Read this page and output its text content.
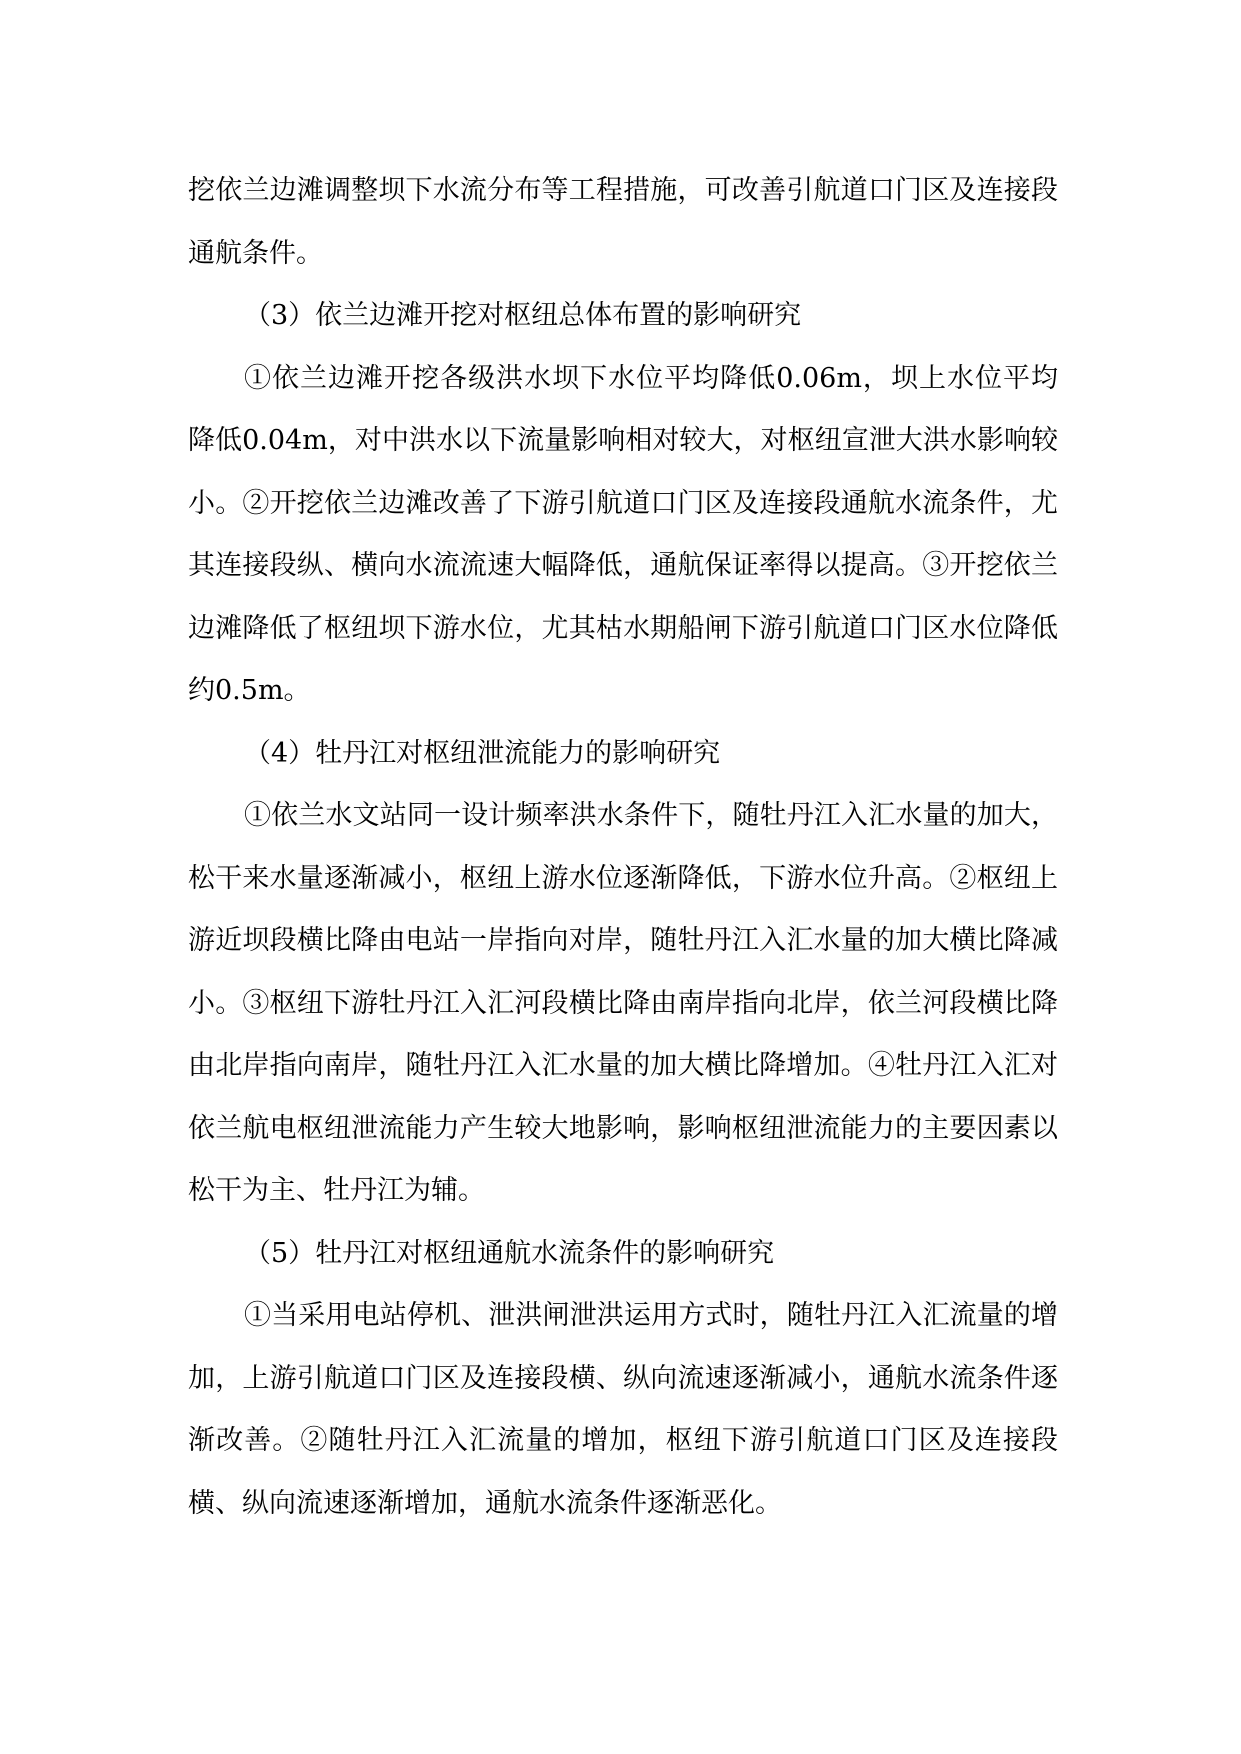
挖依兰边滩调整坝下水流分布等工程措施，可改善引航道口门区及连接段通航条件。

（3）依兰边滩开挖对枢纽总体布置的影响研究

①依兰边滩开挖各级洪水坝下水位平均降低0.06m，坝上水位平均降低0.04m，对中洪水以下流量影响相对较大，对枢纽宣泄大洪水影响较小。②开挖依兰边滩改善了下游引航道口门区及连接段通航水流条件，尤其连接段纵、横向水流流速大幅降低，通航保证率得以提高。③开挖依兰边滩降低了枢纽坝下游水位，尤其枯水期船闸下游引航道口门区水位降低约0.5m。

（4）牡丹江对枢纽泄流能力的影响研究

①依兰水文站同一设计频率洪水条件下，随牡丹江入汇水量的加大，松干来水量逐渐减小，枢纽上游水位逐渐降低，下游水位升高。②枢纽上游近坝段横比降由电站一岸指向对岸，随牡丹江入汇水量的加大横比降减小。③枢纽下游牡丹江入汇河段横比降由南岸指向北岸，依兰河段横比降由北岸指向南岸，随牡丹江入汇水量的加大横比降增加。④牡丹江入汇对依兰航电枢纽泄流能力产生较大地影响，影响枢纽泄流能力的主要因素以松干为主、牡丹江为辅。

（5）牡丹江对枢纽通航水流条件的影响研究

①当采用电站停机、泄洪闸泄洪运用方式时，随牡丹江入汇流量的增加，上游引航道口门区及连接段横、纵向流速逐渐减小，通航水流条件逐渐改善。②随牡丹江入汇流量的增加，枢纽下游引航道口门区及连接段横、纵向流速逐渐增加，通航水流条件逐渐恶化。
